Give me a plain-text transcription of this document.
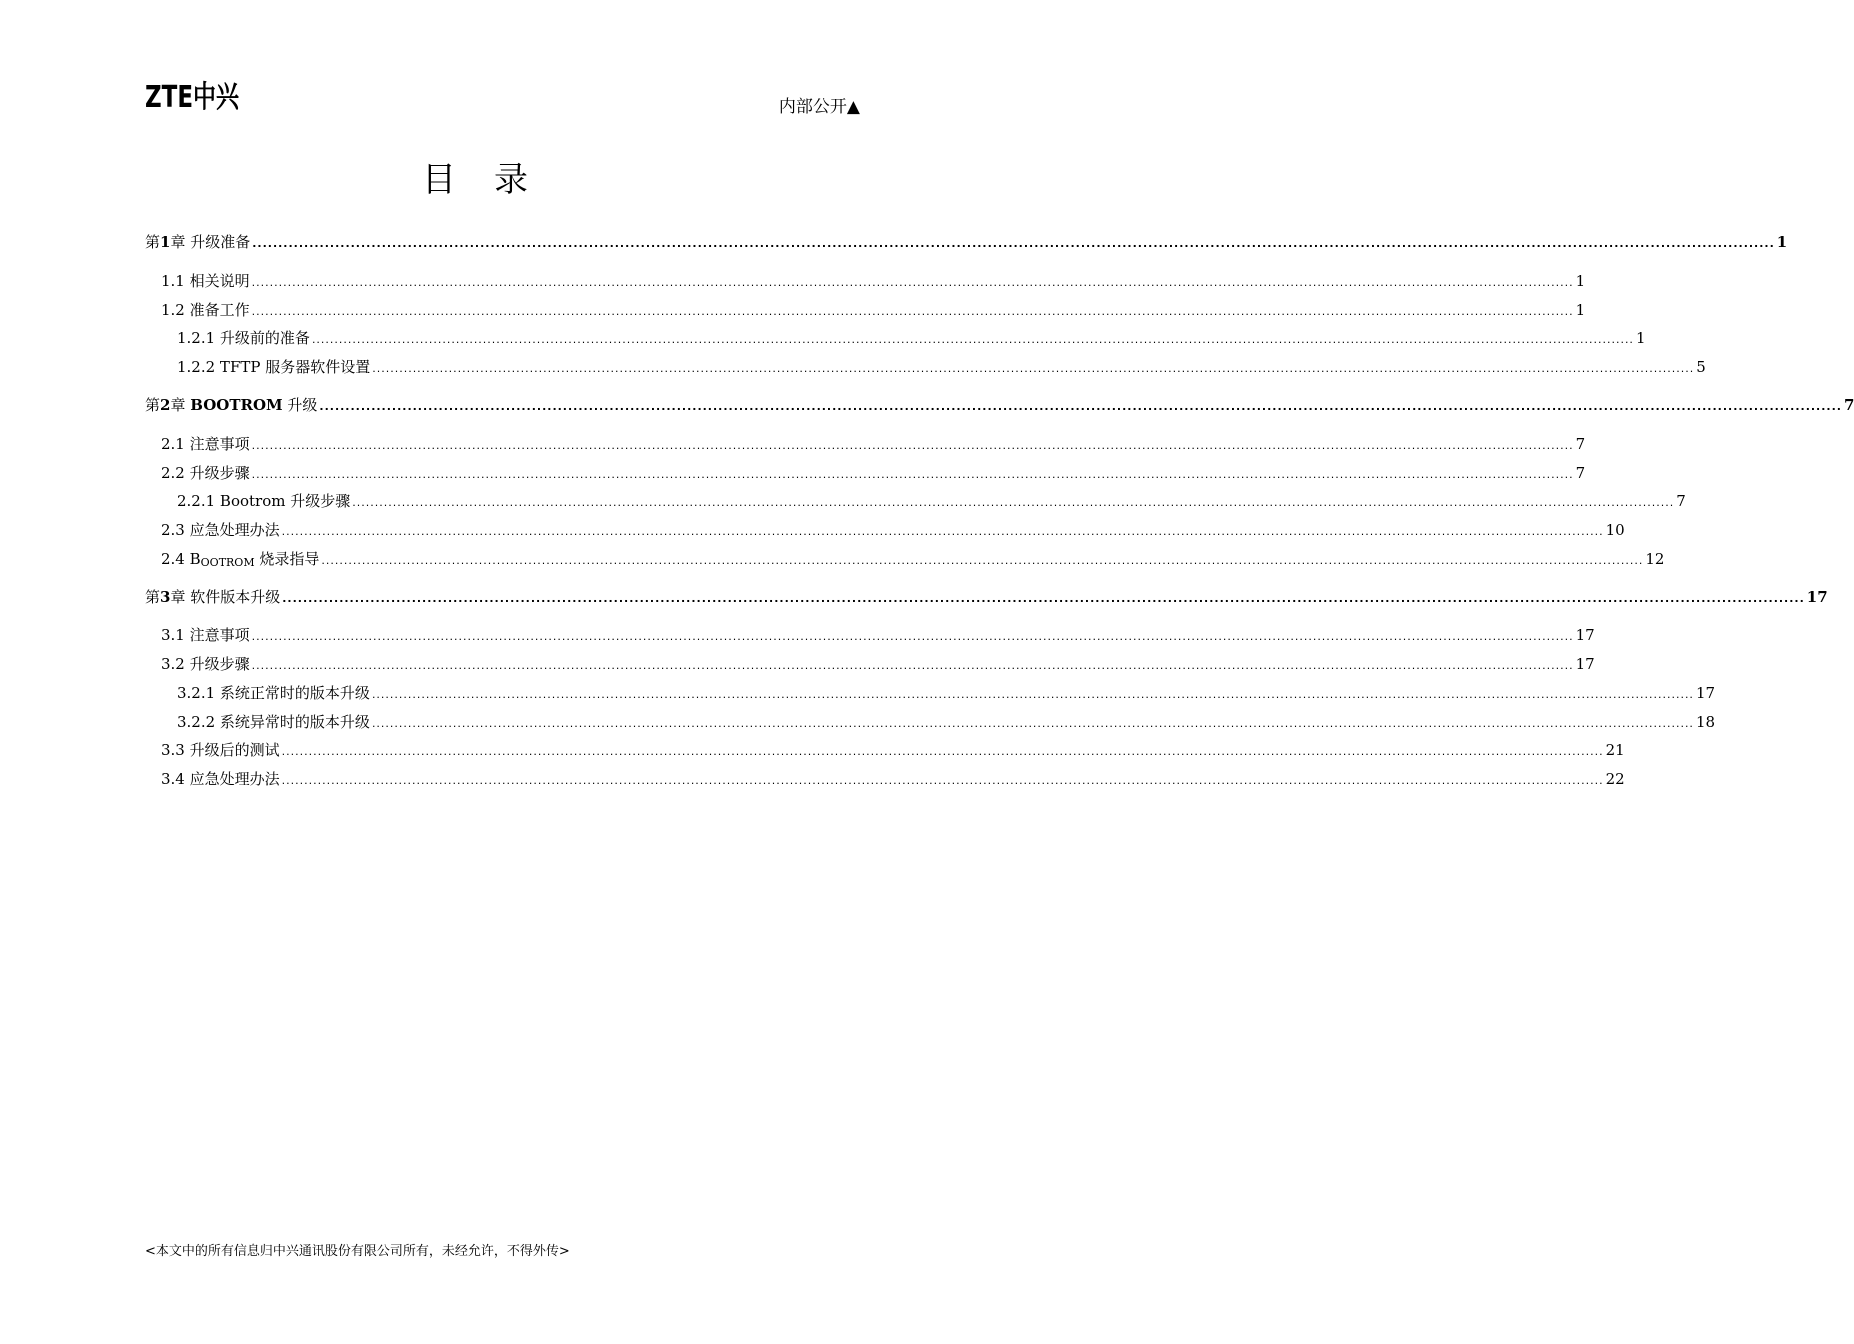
ZTE中兴	内部公开▲
目录
第1章 升级准备 .....	1
1.1 相关说明 .....	1
1.2 准备工作 .....	1
1.2.1 升级前的准备 .....	1
1.2.2 TFTP 服务器软件设置 .....	5
第2章 BOOTROM 升级 .....	7
2.1 注意事项 .....	7
2.2 升级步骤 .....	7
2.2.1 Bootrom 升级步骤 .....	7
2.3 应急处理办法 .....	10
2.4 BOOTROM 烧录指导 .....	12
第3章 软件版本升级 .....	17
3.1 注意事项 .....	17
3.2 升级步骤 .....	17
3.2.1 系统正常时的版本升级 .....	17
3.2.2 系统异常时的版本升级 .....	18
3.3 升级后的测试 .....	21
3.4 应急处理办法 .....	22
<本文中的所有信息归中兴通讯股份有限公司所有，未经允许，不得外传>
